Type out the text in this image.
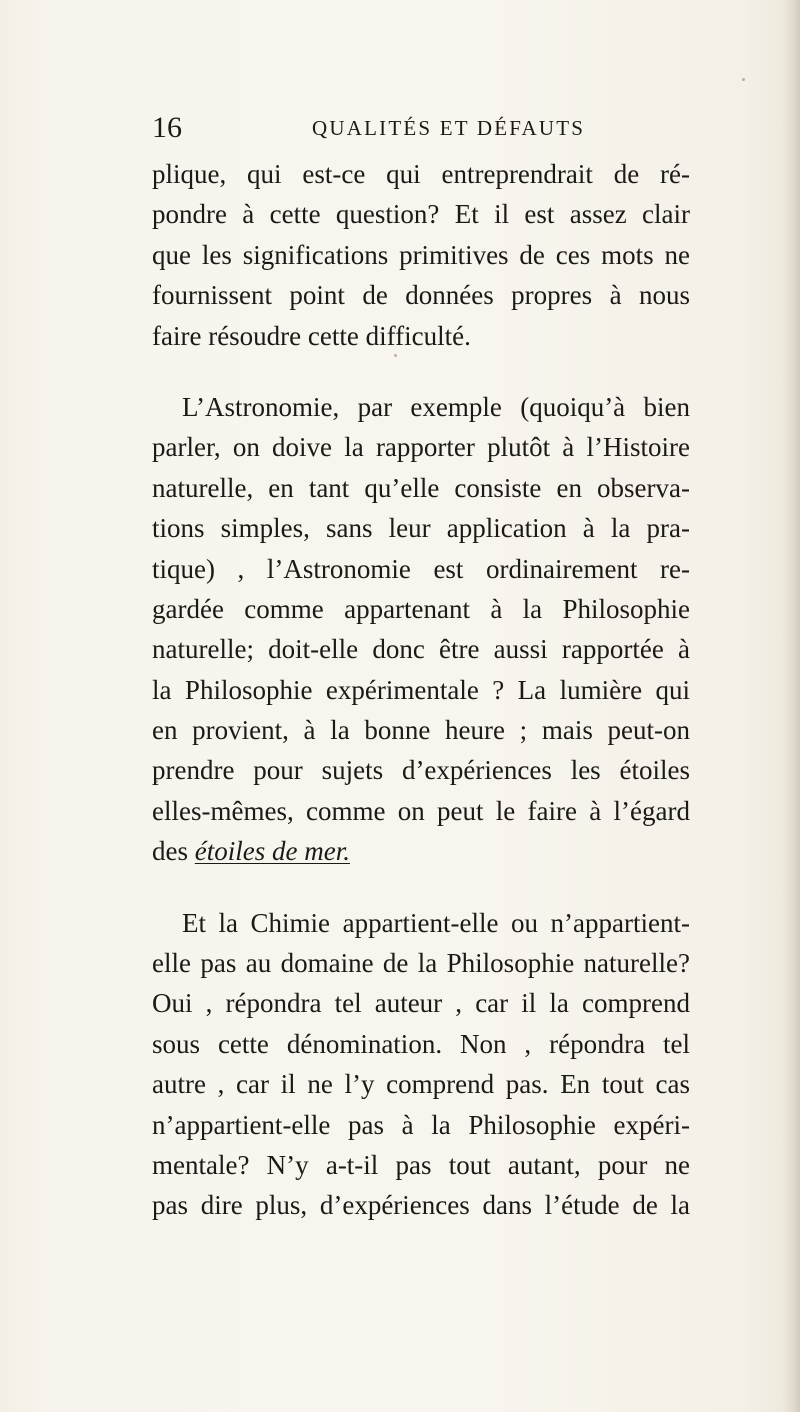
16	QUALITÉS ET DÉFAUTS
plique, qui est-ce qui entreprendrait de ré-
pondre à cette question? Et il est assez clair
que les significations primitives de ces mots ne
fournissent point de données propres à nous
faire résoudre cette difficulté.
L’Astronomie, par exemple (quoiqu’à bien
parler, on doive la rapporter plutôt à l’Histoire
naturelle, en tant qu’elle consiste en observa-
tions simples, sans leur application à la pra-
tique) , l’Astronomie est ordinairement re-
gardée comme appartenant à la Philosophie
naturelle; doit-elle donc être aussi rapportée à
la Philosophie expérimentale ? La lumière qui
en provient, à la bonne heure ; mais peut-on
prendre pour sujets d’expériences les étoiles
elles-mêmes, comme on peut le faire à l’égard
des étoiles de mer.
Et la Chimie appartient-elle ou n’appartient-
elle pas au domaine de la Philosophie naturelle?
Oui , répondra tel auteur , car il la comprend
sous cette dénomination. Non , répondra tel
autre , car il ne l’y comprend pas. En tout cas
n’appartient-elle pas à la Philosophie expéri-
mentale? N’y a-t-il pas tout autant, pour ne
pas dire plus, d’expériences dans l’étude de la
